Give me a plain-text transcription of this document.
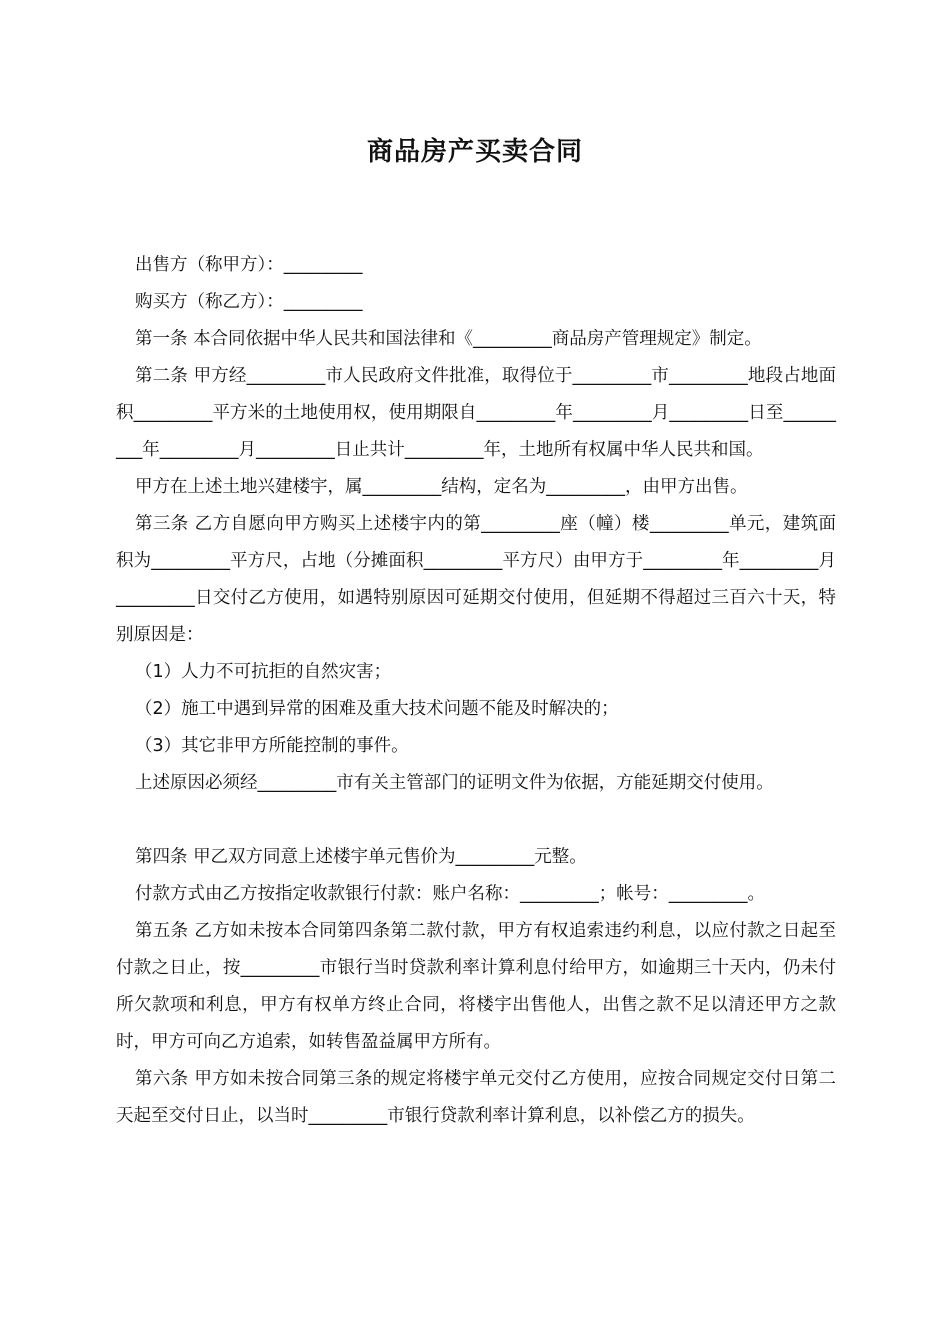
商品房产买卖合同

出售方（称甲方）：_________

购买方（称乙方）：_________

第一条 本合同依据中华人民共和国法律和《_________商品房产管理规定》制定。

第二条 甲方经_________市人民政府文件批准，取得位于_________市_________地段占地面积_________平方米的土地使用权，使用期限自_________年_________月_________日至_________年_________月_________日止共计_________年，土地所有权属中华人民共和国。

甲方在上述土地兴建楼宇，属_________结构，定名为_________，由甲方出售。

第三条 乙方自愿向甲方购买上述楼宇内的第_________座（幢）楼_________单元，建筑面积为_________平方尺，占地（分摊面积_________平方尺）由甲方于_________年_________月_________日交付乙方使用，如遇特别原因可延期交付使用，但延期不得超过三百六十天，特别原因是：

（1）人力不可抗拒的自然灾害；

（2）施工中遇到异常的困难及重大技术问题不能及时解决的；

（3）其它非甲方所能控制的事件。

上述原因必须经_________市有关主管部门的证明文件为依据，方能延期交付使用。

第四条 甲乙双方同意上述楼宇单元售价为_________元整。

付款方式由乙方按指定收款银行付款：账户名称：_________；帐号：_________。

第五条 乙方如未按本合同第四条第二款付款，甲方有权追索违约利息，以应付款之日起至付款之日止，按_________市银行当时贷款利率计算利息付给甲方，如逾期三十天内，仍未付所欠款项和利息，甲方有权单方终止合同，将楼宇出售他人，出售之款不足以清还甲方之款时，甲方可向乙方追索，如转售盈益属甲方所有。

第六条 甲方如未按合同第三条的规定将楼宇单元交付乙方使用，应按合同规定交付日第二天起至交付日止，以当时_________市银行贷款利率计算利息，以补偿乙方的损失。
